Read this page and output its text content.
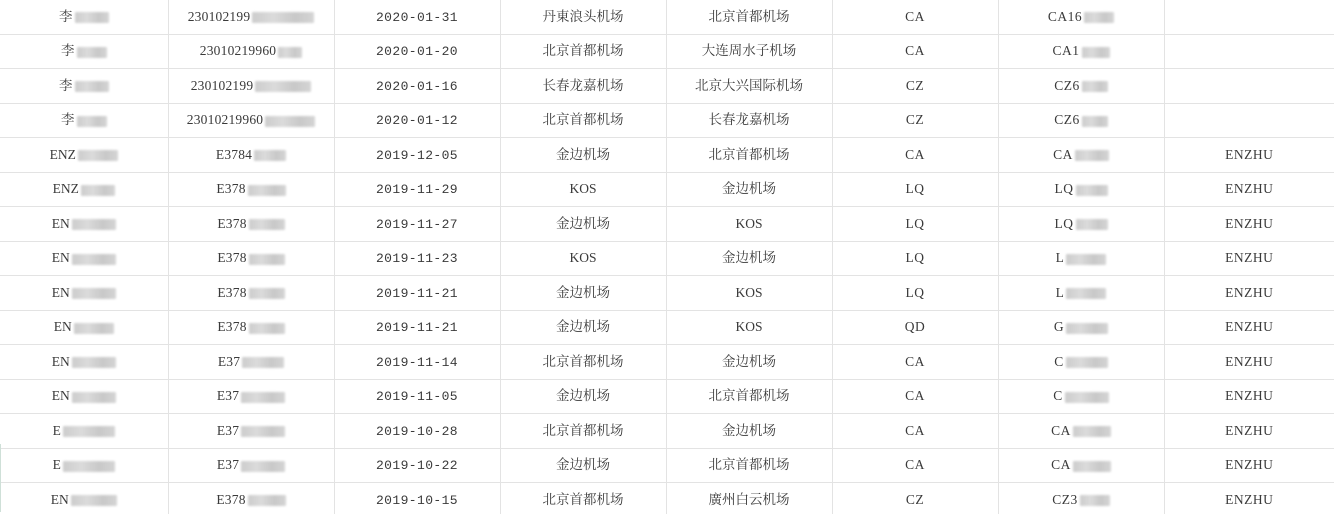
李	230102199	2020-01-31	丹東浪头机场	北京首都机场	CA	CA16	
李	23010219960	2020-01-20	北京首都机场	大连周水子机场	CA	CA1	
李	230102199	2020-01-16	长春龙嘉机场	北京大兴国际机场	CZ	CZ6	
李	23010219960	2020-01-12	北京首都机场	长春龙嘉机场	CZ	CZ6	
ENZ	E3784	2019-12-05	金边机场	北京首都机场	CA	CA	ENZHU
ENZ	E378	2019-11-29	KOS	金边机场	LQ	LQ	ENZHU
EN	E378	2019-11-27	金边机场	KOS	LQ	LQ	ENZHU
EN	E378	2019-11-23	KOS	金边机场	LQ	L	ENZHU
EN	E378	2019-11-21	金边机场	KOS	LQ	L	ENZHU
EN	E378	2019-11-21	金边机场	KOS	QD	G	ENZHU
EN	E37	2019-11-14	北京首都机场	金边机场	CA	C	ENZHU
EN	E37	2019-11-05	金边机场	北京首都机场	CA	C	ENZHU
E	E37	2019-10-28	北京首都机场	金边机场	CA	CA	ENZHU
E	E37	2019-10-22	金边机场	北京首都机场	CA	CA	ENZHU
EN	E378	2019-10-15	北京首都机场	廣州白云机场	CZ	CZ3	ENZHU
